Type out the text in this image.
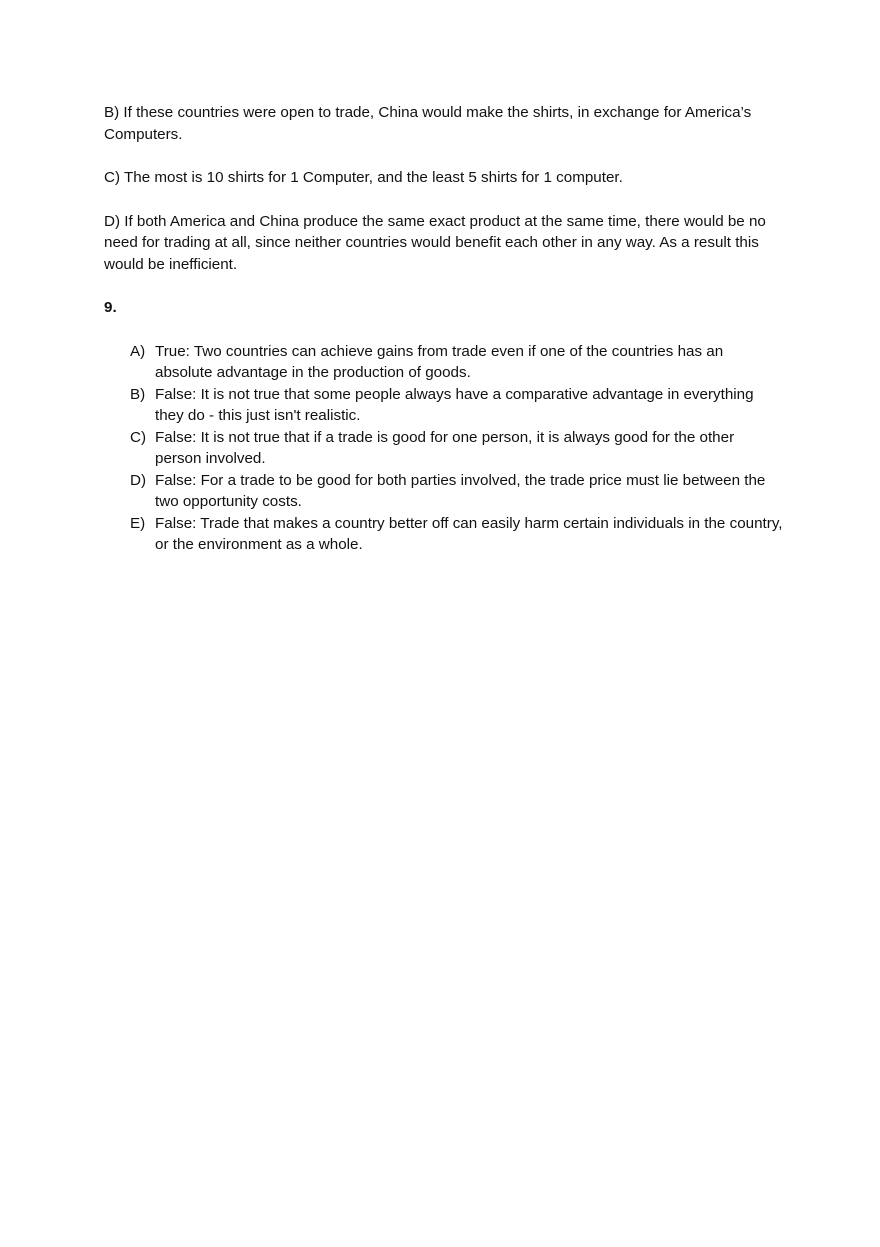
B) If these countries were open to trade, China would make the shirts, in exchange for America’s Computers.

C) The most is 10 shirts for 1 Computer, and the least 5 shirts for 1 computer.

D) If both America and China produce the same exact product at the same time, there would be no need for trading at all, since neither countries would benefit each other in any way. As a result this would be inefficient.

9.

A) True: Two countries can achieve gains from trade even if one of the countries has an absolute advantage in the production of goods.
B) False: It is not true that some people always have a comparative advantage in everything they do - this just isn't realistic.
C) False: It is not true that if a trade is good for one person, it is always good for the other person involved.
D) False: For a trade to be good for both parties involved, the trade price must lie between the two opportunity costs.
E) False: Trade that makes a country better off can easily harm certain individuals in the country, or the environment as a whole.
